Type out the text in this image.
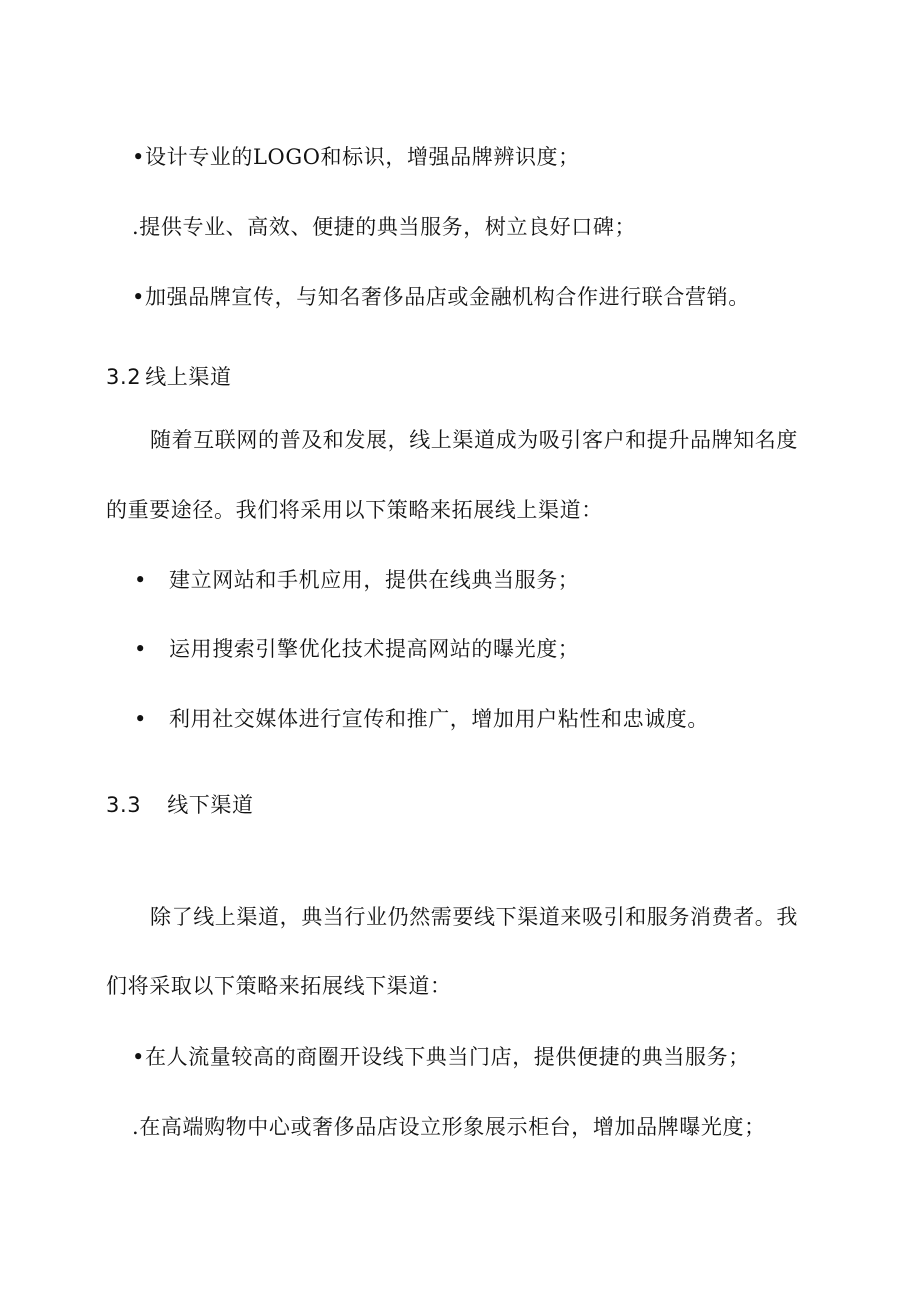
•设计专业的LOGO和标识，增强品牌辨识度；
.提供专业、高效、便捷的典当服务，树立良好口碑；
•加强品牌宣传，与知名奢侈品店或金融机构合作进行联合营销。
3.2 线上渠道
随着互联网的普及和发展，线上渠道成为吸引客户和提升品牌知名度
的重要途径。我们将采用以下策略来拓展线上渠道：
• 建立网站和手机应用，提供在线典当服务；
• 运用搜索引擎优化技术提高网站的曝光度；
• 利用社交媒体进行宣传和推广，增加用户粘性和忠诚度。
3.3 线下渠道
除了线上渠道，典当行业仍然需要线下渠道来吸引和服务消费者。我
们将采取以下策略来拓展线下渠道：
•在人流量较高的商圈开设线下典当门店，提供便捷的典当服务；
.在高端购物中心或奢侈品店设立形象展示柜台，增加品牌曝光度；
